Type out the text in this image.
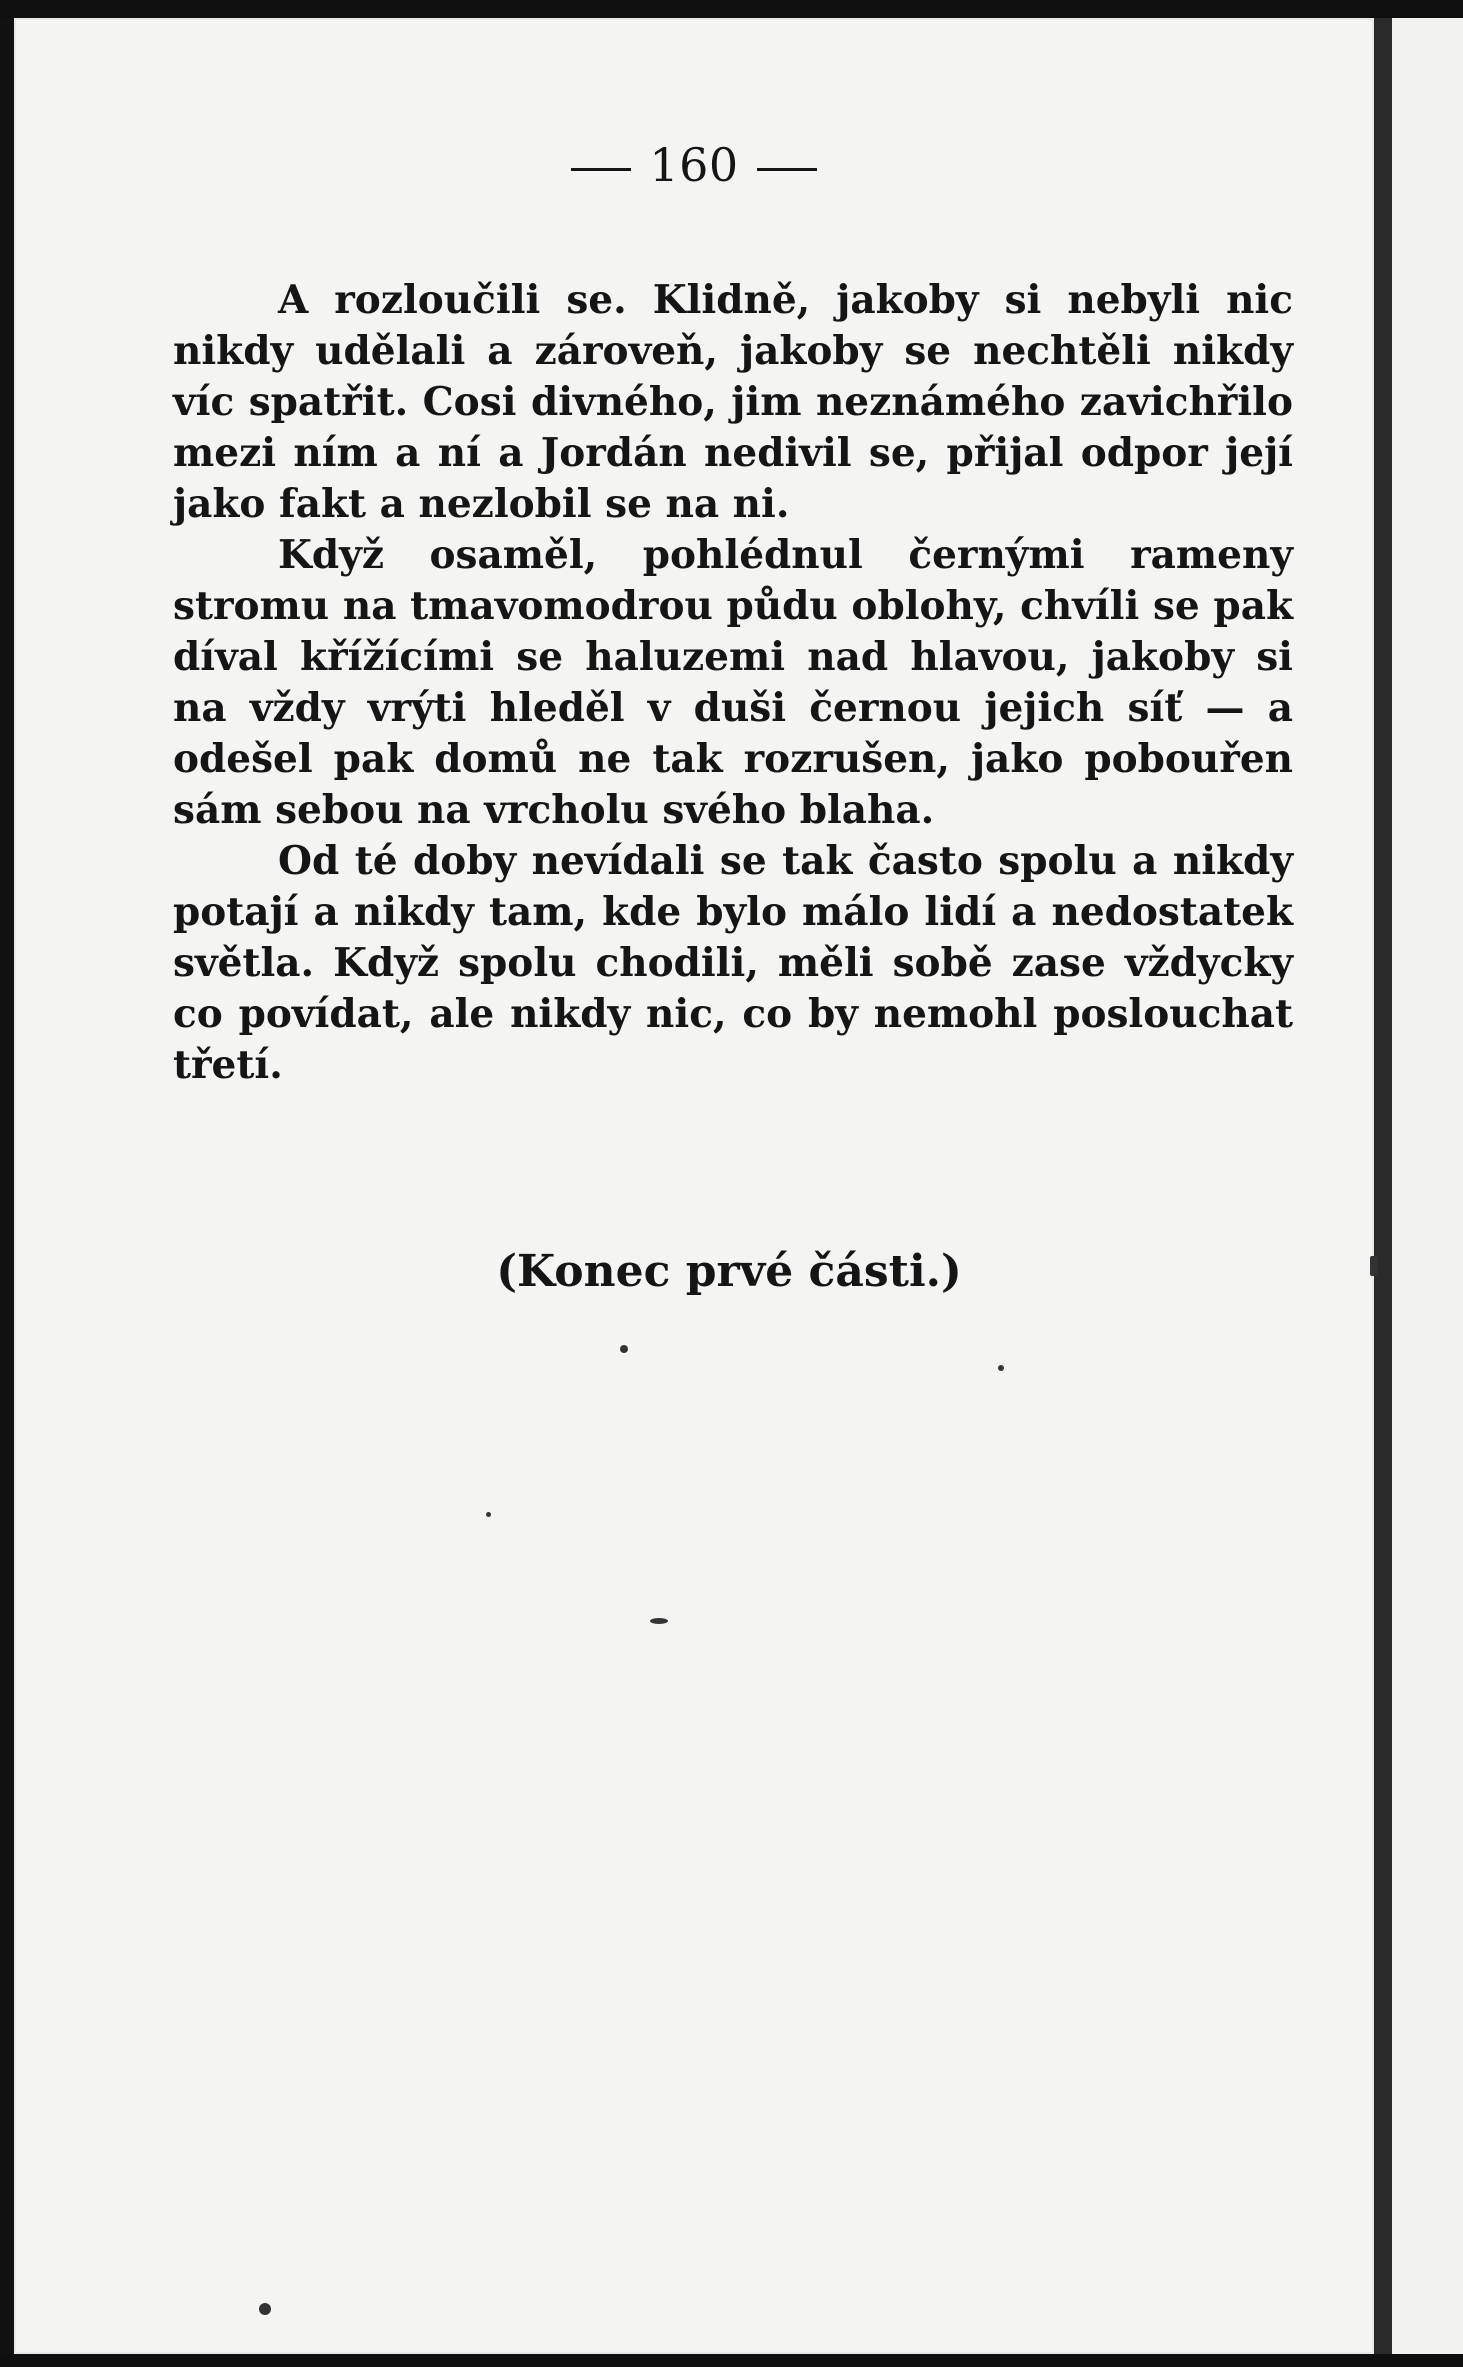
160

A rozloučili se. Klidně, jakoby si nebyli nic nikdy udělali a zároveň, jakoby se nechtěli nikdy víc spatřit. Cosi divného, jim neznámého zavichřilo mezi ním a ní a Jordán nedivil se, přijal odpor její jako fakt a nezlobil se na ni.

Když osaměl, pohlédnul černými rameny stromu na tmavomodrou půdu oblohy, chvíli se pak díval křížícími se haluzemi nad hlavou, jakoby si na vždy vrýti hleděl v duši černou jejich síť — a odešel pak domů ne tak rozrušen, jako pobouřen sám sebou na vrcholu svého blaha.

Od té doby nevídali se tak často spolu a nikdy potají a nikdy tam, kde bylo málo lidí a nedostatek světla. Když spolu chodili, měli sobě zase vždycky co povídat, ale nikdy nic, co by nemohl poslouchat třetí.

(Konec prvé části.)
